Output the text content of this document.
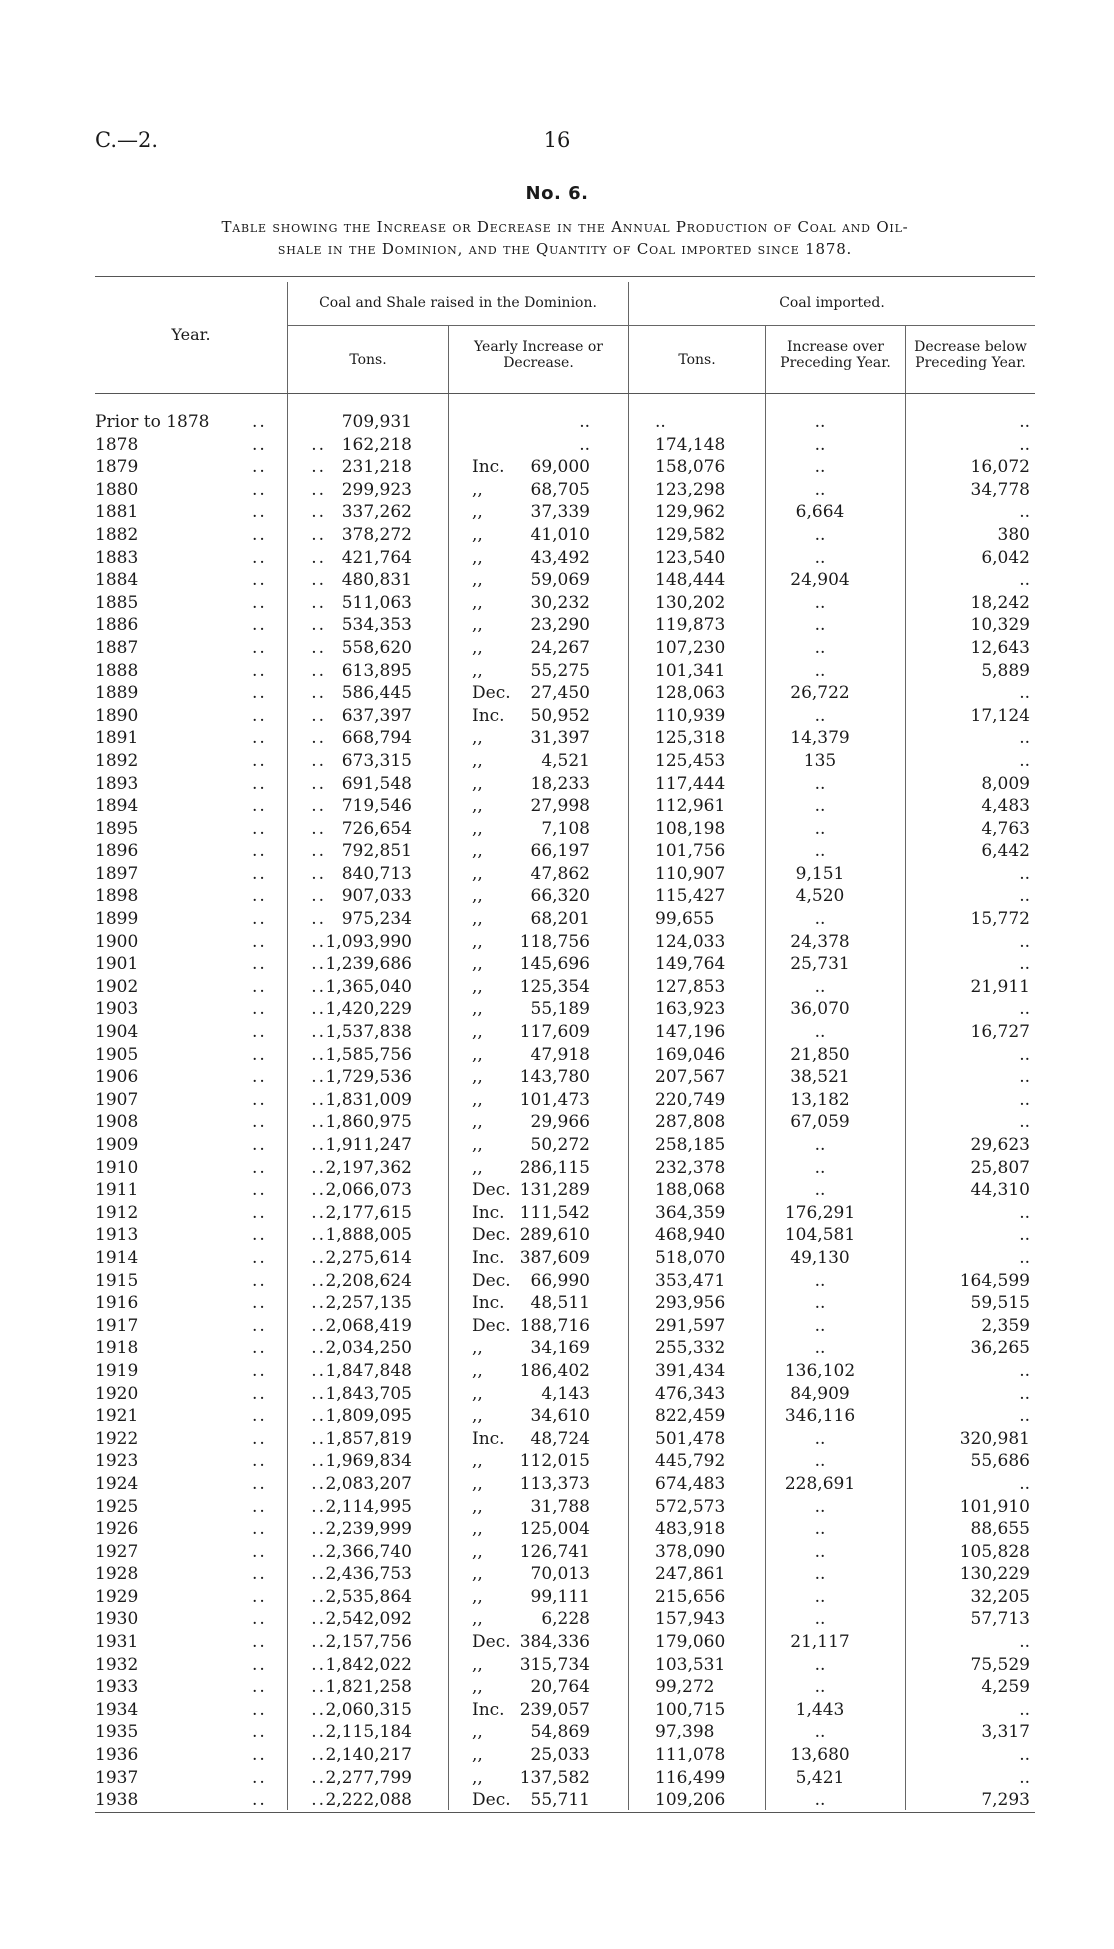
C.—2.	16
No. 6.
Table showing the Increase or Decrease in the Annual Production of Coal and Oil-
shale in the Dominion, and the Quantity of Coal imported since 1878.
Year.
Coal and Shale raised in the Dominion.	Coal imported.
Tons.
Yearly Increase or
Decrease.	Tons.
Increase over
Preceding Year.
Decrease below
Preceding Year.
Prior to 1878 ..	709,931	..	..	..	..
1878	..      .. 162,218	..	174,148	..	..
1879	..      .. 231,218	Inc.	69,000	158,076	..	16,072
1880	..      .. 299,923	,,	68,705	123,298	..	34,778
1881	..      .. 337,262	,,	37,339	129,962	6,664	..
1882	..      .. 378,272	,,	41,010	129,582	..	380
1883	..      .. 421,764	,,	43,492	123,540	..	6,042
1884	..      .. 480,831	,,	59,069	148,444	24,904	..
1885	..      .. 511,063	,,	30,232	130,202	..	18,242
1886	..      .. 534,353	,,	23,290	119,873	..	10,329
1887	..      .. 558,620	,,	24,267	107,230	..	12,643
1888	..      .. 613,895	,,	55,275	101,341	..	5,889
1889	..      .. 586,445	Dec.	27,450	128,063	26,722	..
1890	..      .. 637,397	Inc.	50,952	110,939	..	17,124
1891	..      .. 668,794	,,	31,397	125,318	14,379	..
1892	..      .. 673,315	,,	4,521	125,453	135	..
1893	..      .. 691,548	,,	18,233	117,444	..	8,009
1894	..      .. 719,546	,,	27,998	112,961	..	4,483
1895	..      .. 726,654	,,	7,108	108,198	..	4,763
1896	..      .. 792,851	,,	66,197	101,756	..	6,442
1897	..      .. 840,713	,,	47,862	110,907	9,151	..
1898	..      .. 907,033	,,	66,320	115,427	4,520	..
1899	..      .. 975,234	,,	68,201	99,655	..	15,772
1900	..      .. 1,093,990	,,	118,756	124,033	24,378	..
1901	..      .. 1,239,686	,,	145,696	149,764	25,731	..
1902	..      .. 1,365,040	,,	125,354	127,853	..	21,911
1903	..      .. 1,420,229	,,	55,189	163,923	36,070	..
1904	..      .. 1,537,838	,,	117,609	147,196	..	16,727
1905	..      .. 1,585,756	,,	47,918	169,046	21,850	..
1906	..      .. 1,729,536	,,	143,780	207,567	38,521	..
1907	..      .. 1,831,009	,,	101,473	220,749	13,182	..
1908	..      .. 1,860,975	,,	29,966	287,808	67,059	..
1909	..      .. 1,911,247	,,	50,272	258,185	..	29,623
1910	..      .. 2,197,362	,,	286,115	232,378	..	25,807
1911	..      .. 2,066,073	Dec. 131,289	188,068	..	44,310
1912	..      .. 2,177,615	Inc. 111,542	364,359	176,291	..
1913	..      .. 1,888,005	Dec. 289,610	468,940	104,581	..
1914	..      .. 2,275,614	Inc. 387,609	518,070	49,130	..
1915	..      .. 2,208,624	Dec.	66,990	353,471	..	164,599
1916	..      .. 2,257,135	Inc.	48,511	293,956	..	59,515
1917	..      .. 2,068,419	Dec. 188,716	291,597	..	2,359
1918	..      .. 2,034,250	,,	34,169	255,332	..	36,265
1919	..      .. 1,847,848	,,	186,402	391,434	136,102	..
1920	..      .. 1,843,705	,,	4,143	476,343	84,909	..
1921	..      .. 1,809,095	,,	34,610	822,459	346,116	..
1922	..      .. 1,857,819	Inc.	48,724	501,478	..	320,981
1923	..      .. 1,969,834	,,	112,015	445,792	..	55,686
1924	..      .. 2,083,207	,,	113,373	674,483	228,691	..
1925	..      .. 2,114,995	,,	31,788	572,573	..	101,910
1926	..      .. 2,239,999	,,	125,004	483,918	..	88,655
1927	..      .. 2,366,740	,,	126,741	378,090	..	105,828
1928	..      .. 2,436,753	,,	70,013	247,861	..	130,229
1929	..      .. 2,535,864	,,	99,111	215,656	..	32,205
1930	..      .. 2,542,092	,,	6,228	157,943	..	57,713
1931	..      .. 2,157,756	Dec. 384,336	179,060	21,117	..
1932	..      .. 1,842,022	,,	315,734	103,531	..	75,529
1933	..      .. 1,821,258	,,	20,764	99,272	..	4,259
1934	..      .. 2,060,315	Inc. 239,057	100,715	1,443	..
1935	..      .. 2,115,184	,,	54,869	97,398	..	3,317
1936	..      .. 2,140,217	,,	25,033	111,078	13,680	..
1937	..      .. 2,277,799	,,	137,582	116,499	5,421	..
1938	..      .. 2,222,088	Dec.	55,711	109,206	..	7,293
